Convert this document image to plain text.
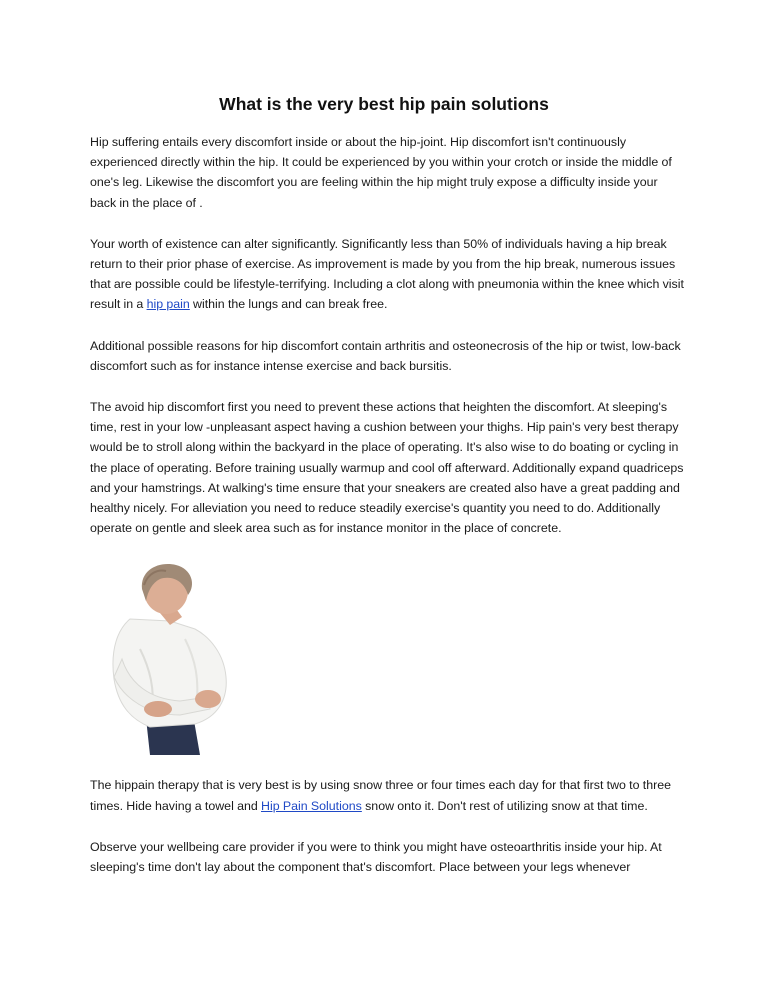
What is the very best hip pain solutions

Hip suffering entails every discomfort inside or about the hip-joint. Hip discomfort isn't continuously experienced directly within the hip. It could be experienced by you within your crotch or inside the middle of one's leg. Likewise the discomfort you are feeling within the hip might truly expose a difficulty inside your back in the place of .

Your worth of existence can alter significantly. Significantly less than 50% of individuals having a hip break return to their prior phase of exercise. As improvement is made by you from the hip break, numerous issues that are possible could be lifestyle-terrifying. Including a clot along with pneumonia within the knee which visit result in a hip pain within the lungs and can break free.

Additional possible reasons for hip discomfort contain arthritis and osteonecrosis of the hip or twist, low-back discomfort such as for instance intense exercise and back bursitis.

The avoid hip discomfort first you need to prevent these actions that heighten the discomfort. At sleeping's time, rest in your low -unpleasant aspect having a cushion between your thighs. Hip pain's very best therapy would be to stroll along within the backyard in the place of operating. It's also wise to do boating or cycling in the place of operating. Before training usually warmup and cool off afterward. Additionally expand quadriceps and your hamstrings. At walking's time ensure that your sneakers are created also have a great padding and healthy nicely. For alleviation you need to reduce steadily exercise's quantity you need to do. Additionally operate on gentle and sleek area such as for instance monitor in the place of concrete.

The hippain therapy that is very best is by using snow three or four times each day for that first two to three times. Hide having a towel and Hip Pain Solutions snow onto it. Don't rest of utilizing snow at that time.

Observe your wellbeing care provider if you were to think you might have osteoarthritis inside your hip. At sleeping's time don't lay about the component that's discomfort. Place between your legs whenever
